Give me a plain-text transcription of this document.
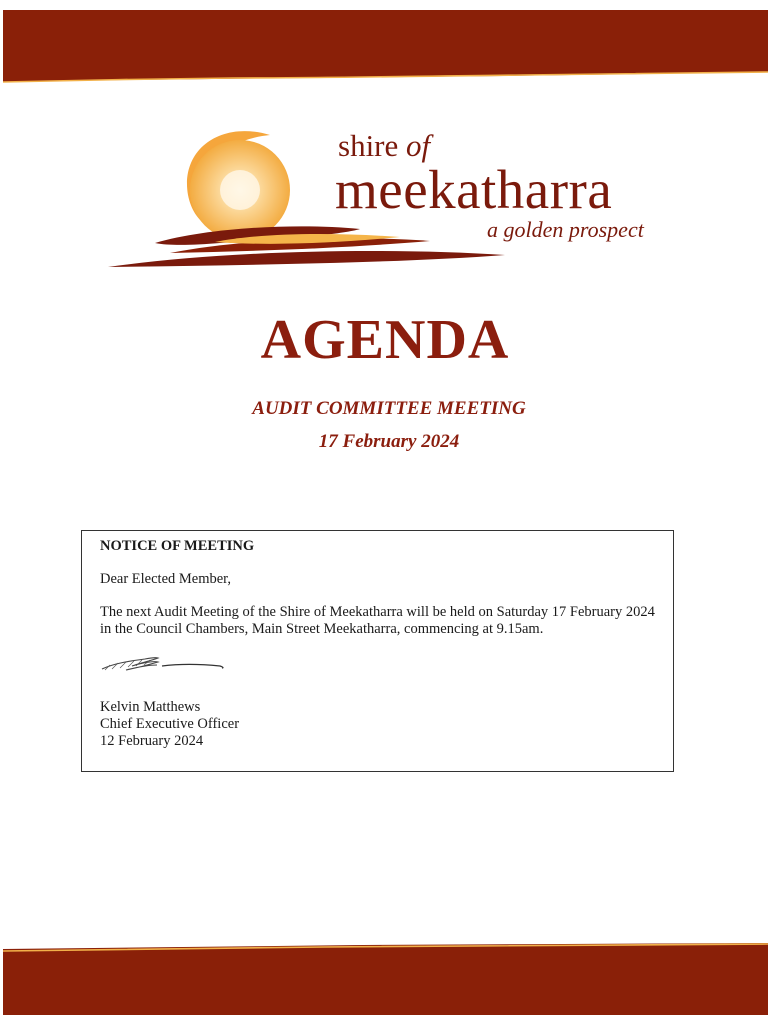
shire of
meekatharra
a golden prospect
AGENDA
AUDIT COMMITTEE MEETING
17 February 2024
NOTICE OF MEETING
Dear Elected Member,
The next Audit Meeting of the Shire of Meekatharra will be held on Saturday 17 February 2024 in the Council Chambers, Main Street Meekatharra, commencing at 9.15am.
Kelvin Matthews
Chief Executive Officer
12 February 2024
